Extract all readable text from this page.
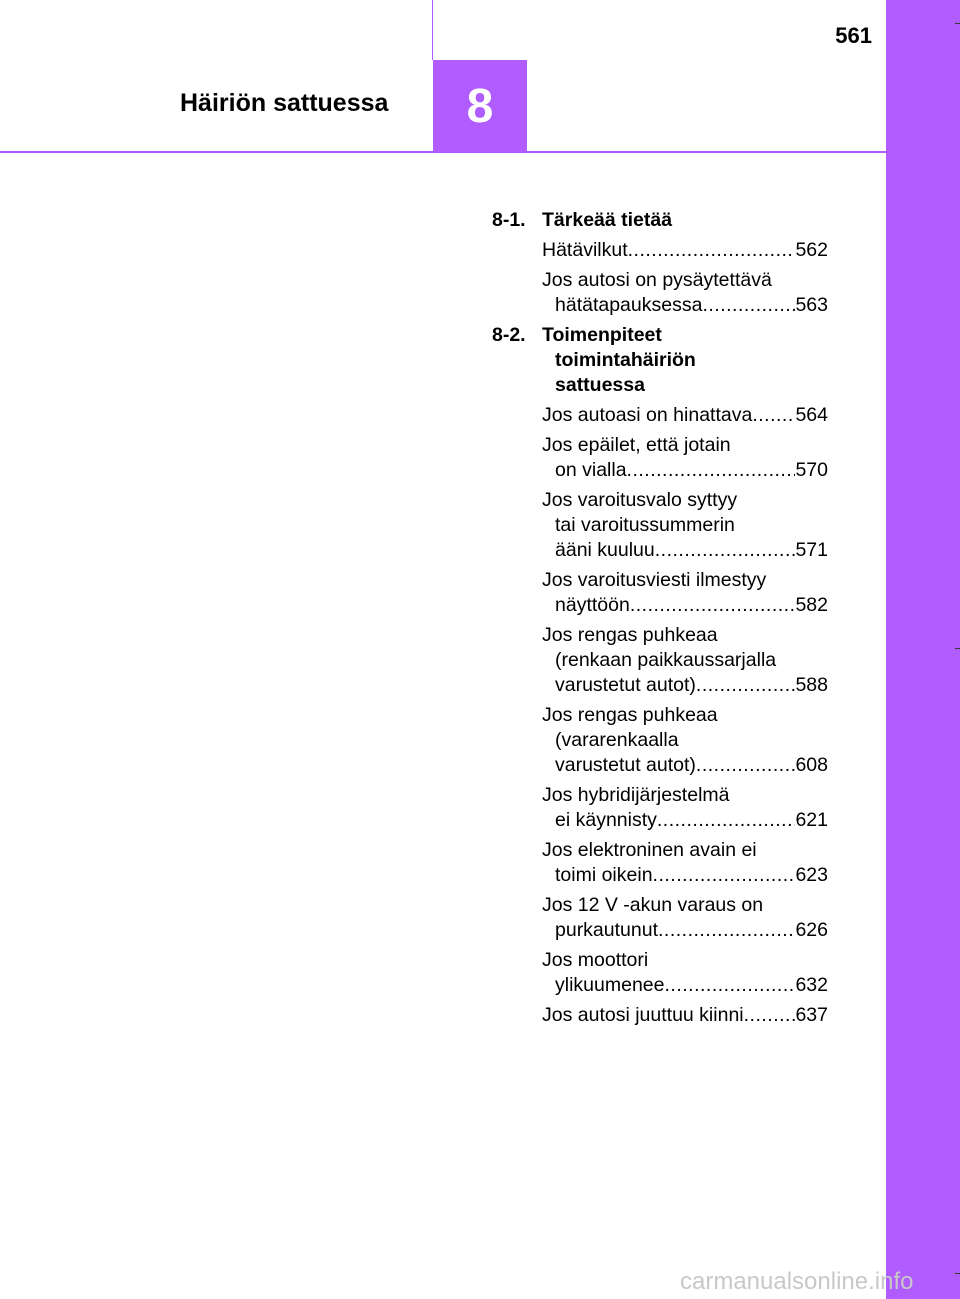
561
Häiriön sattuessa	8
8-1. Tärkeää tietää
Hätävilkut .....	562
Jos autosi on pysäytettävä
hätätapauksessa .....	563
8-2. Toimenpiteet
toimintahäiriön
sattuessa
Jos autoasi on hinattava ..... 564
Jos epäilet, että jotain
on vialla .....	570
Jos varoitusvalo syttyy
tai varoitussummerin
ääni kuuluu .....	571
Jos varoitusviesti ilmestyy
näyttöön .....	582
Jos rengas puhkeaa
(renkaan paikkaussarjalla
varustetut autot) .....	588
Jos rengas puhkeaa
(vararenkaalla
varustetut autot) .....	608
Jos hybridijärjestelmä
ei käynnisty .....	621
Jos elektroninen avain ei
toimi oikein .....	623
Jos 12 V -akun varaus on
purkautunut .....	626
Jos moottori
ylikuumenee .....	632
Jos autosi juuttuu kiinni .....	637
carmanualsonline.info
